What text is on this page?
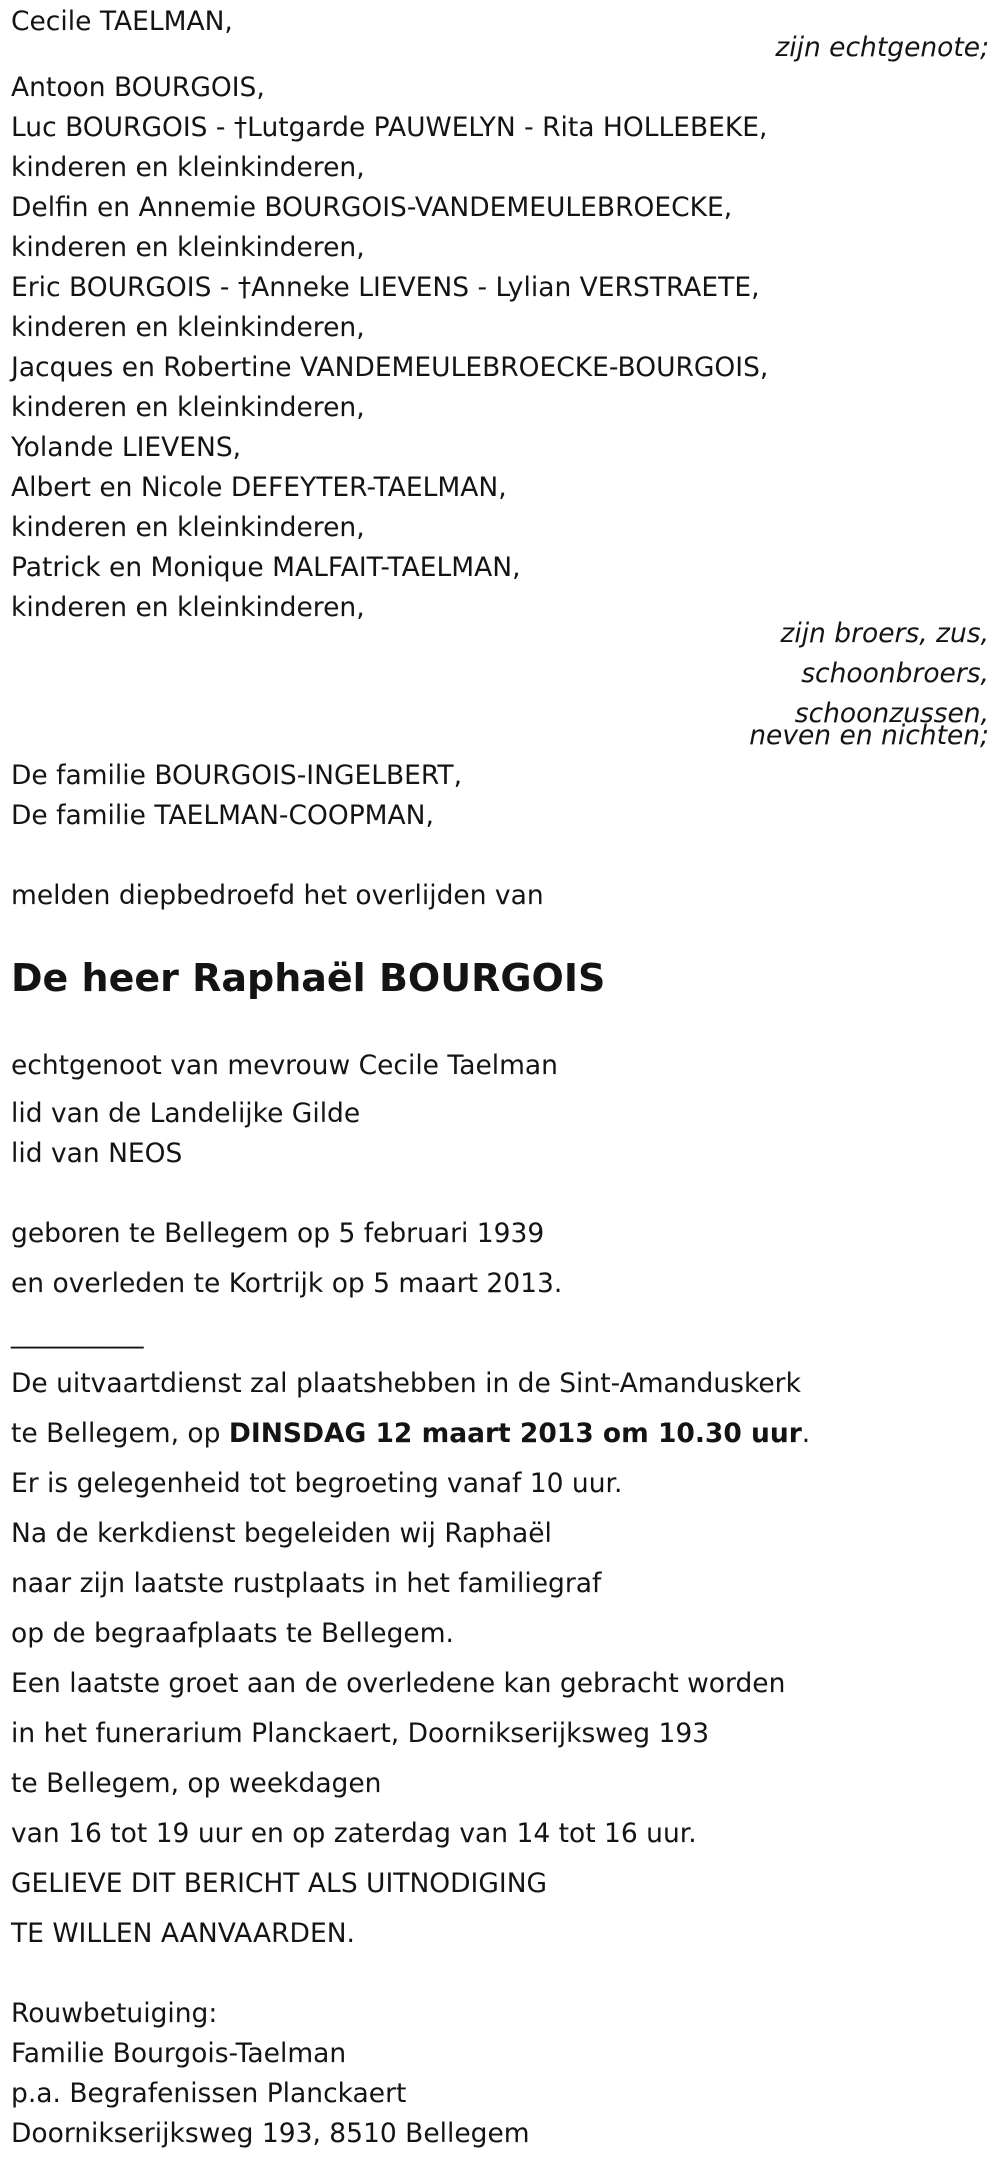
Cecile TAELMAN,

zijn echtgenote;

Antoon BOURGOIS,

Luc BOURGOIS - †Lutgarde PAUWELYN - Rita HOLLEBEKE,

kinderen en kleinkinderen,

Delfin en Annemie BOURGOIS-VANDEMEULEBROECKE,

kinderen en kleinkinderen,

Eric BOURGOIS - †Anneke LIEVENS - Lylian VERSTRAETE,

kinderen en kleinkinderen,

Jacques en Robertine VANDEMEULEBROECKE-BOURGOIS,

kinderen en kleinkinderen,

Yolande LIEVENS,

Albert en Nicole DEFEYTER-TAELMAN,

kinderen en kleinkinderen,

Patrick en Monique MALFAIT-TAELMAN,

kinderen en kleinkinderen,

zijn broers, zus,

schoonbroers,

schoonzussen,

neven en nichten;

De familie BOURGOIS-INGELBERT,

De familie TAELMAN-COOPMAN,

melden diepbedroefd het overlijden van

De heer Raphaël BOURGOIS

echtgenoot van mevrouw Cecile Taelman

lid van de Landelijke Gilde

lid van NEOS

geboren te Bellegem op 5 februari 1939

en overleden te Kortrijk op 5 maart 2013.

__________

De uitvaartdienst zal plaatshebben in de Sint-Amanduskerk

te Bellegem, op DINSDAG 12 maart 2013 om 10.30 uur.

Er is gelegenheid tot begroeting vanaf 10 uur.

Na de kerkdienst begeleiden wij Raphaël

naar zijn laatste rustplaats in het familiegraf

op de begraafplaats te Bellegem.

Een laatste groet aan de overledene kan gebracht worden

in het funerarium Planckaert, Doornikserijksweg 193

te Bellegem, op weekdagen

van 16 tot 19 uur en op zaterdag van 14 tot 16 uur.

GELIEVE DIT BERICHT ALS UITNODIGING

TE WILLEN AANVAARDEN.

Rouwbetuiging:

Familie Bourgois-Taelman

p.a. Begrafenissen Planckaert

Doornikserijksweg 193, 8510 Bellegem
